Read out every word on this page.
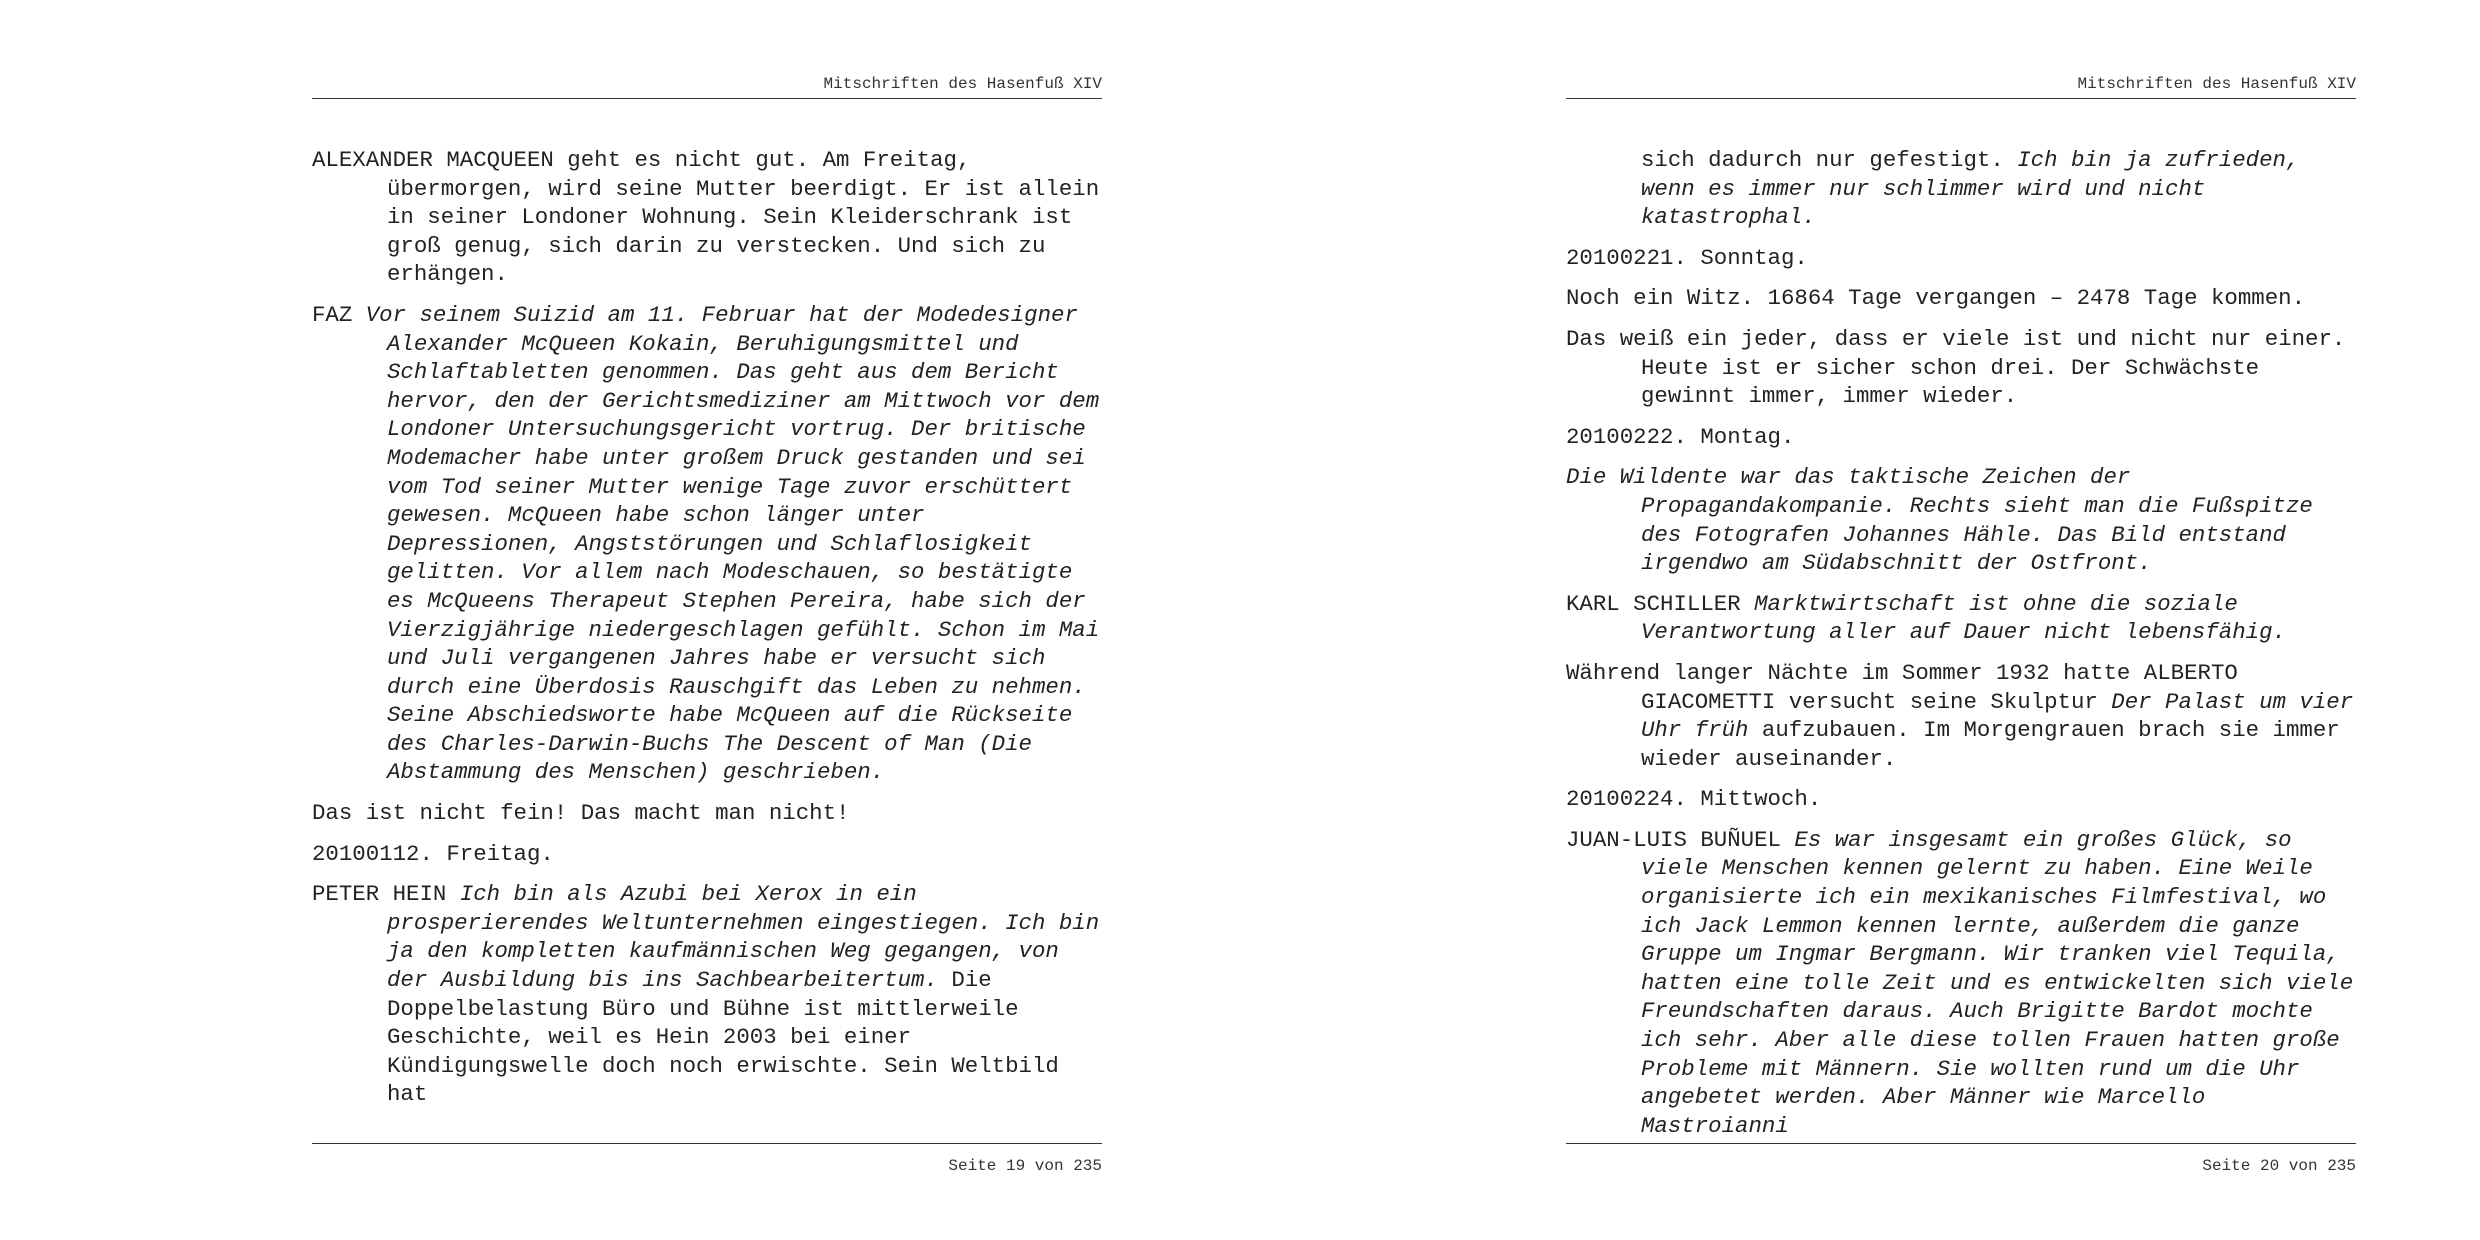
Mitschriften des Hasenfuß XIV

ALEXANDER MACQUEEN geht es nicht gut. Am Freitag, übermorgen, wird seine Mutter beerdigt. Er ist allein in seiner Londoner Wohnung. Sein Kleiderschrank ist groß genug, sich darin zu verstecken. Und sich zu erhängen.

FAZ Vor seinem Suizid am 11. Februar hat der Modedesigner Alexander McQueen Kokain, Beruhigungsmittel und Schlaftabletten genommen. Das geht aus dem Bericht hervor, den der Gerichtsmediziner am Mittwoch vor dem Londoner Untersuchungsgericht vortrug. Der britische Modemacher habe unter großem Druck gestanden und sei vom Tod seiner Mutter wenige Tage zuvor erschüttert gewesen. McQueen habe schon länger unter Depressionen, Angststörungen und Schlaflosigkeit gelitten. Vor allem nach Modeschauen, so bestätigte es McQueens Therapeut Stephen Pereira, habe sich der Vierzigjährige niedergeschlagen gefühlt. Schon im Mai und Juli vergangenen Jahres habe er versucht sich durch eine Überdosis Rauschgift das Leben zu nehmen. Seine Abschiedsworte habe McQueen auf die Rückseite des Charles-Darwin-Buchs The Descent of Man (Die Abstammung des Menschen) geschrieben.

Das ist nicht fein! Das macht man nicht!

20100112. Freitag.

PETER HEIN Ich bin als Azubi bei Xerox in ein prosperierendes Weltunternehmen eingestiegen. Ich bin ja den kompletten kaufmännischen Weg gegangen, von der Ausbildung bis ins Sachbearbeitertum. Die Doppelbelastung Büro und Bühne ist mittlerweile Geschichte, weil es Hein 2003 bei einer Kündigungswelle doch noch erwischte. Sein Weltbild hat

Seite 19 von 235
Mitschriften des Hasenfuß XIV

sich dadurch nur gefestigt. Ich bin ja zufrieden, wenn es immer nur schlimmer wird und nicht katastrophal.

20100221. Sonntag.

Noch ein Witz. 16864 Tage vergangen – 2478 Tage kommen.

Das weiß ein jeder, dass er viele ist und nicht nur einer. Heute ist er sicher schon drei. Der Schwächste gewinnt immer, immer wieder.

20100222. Montag.

Die Wildente war das taktische Zeichen der Propagandakompanie. Rechts sieht man die Fußspitze des Fotografen Johannes Hähle. Das Bild entstand irgendwo am Südabschnitt der Ostfront.

KARL SCHILLER Marktwirtschaft ist ohne die soziale Verantwortung aller auf Dauer nicht lebensfähig.

Während langer Nächte im Sommer 1932 hatte ALBERTO GIACOMETTI versucht seine Skulptur Der Palast um vier Uhr früh aufzubauen. Im Morgengrauen brach sie immer wieder auseinander.

20100224. Mittwoch.

JUAN-LUIS BUÑUEL Es war insgesamt ein großes Glück, so viele Menschen kennen gelernt zu haben. Eine Weile organisierte ich ein mexikanisches Filmfestival, wo ich Jack Lemmon kennen lernte, außerdem die ganze Gruppe um Ingmar Bergmann. Wir tranken viel Tequila, hatten eine tolle Zeit und es entwickelten sich viele Freundschaften daraus. Auch Brigitte Bardot mochte ich sehr. Aber alle diese tollen Frauen hatten große Probleme mit Männern. Sie wollten rund um die Uhr angebetet werden. Aber Männer wie Marcello Mastroianni

Seite 20 von 235
